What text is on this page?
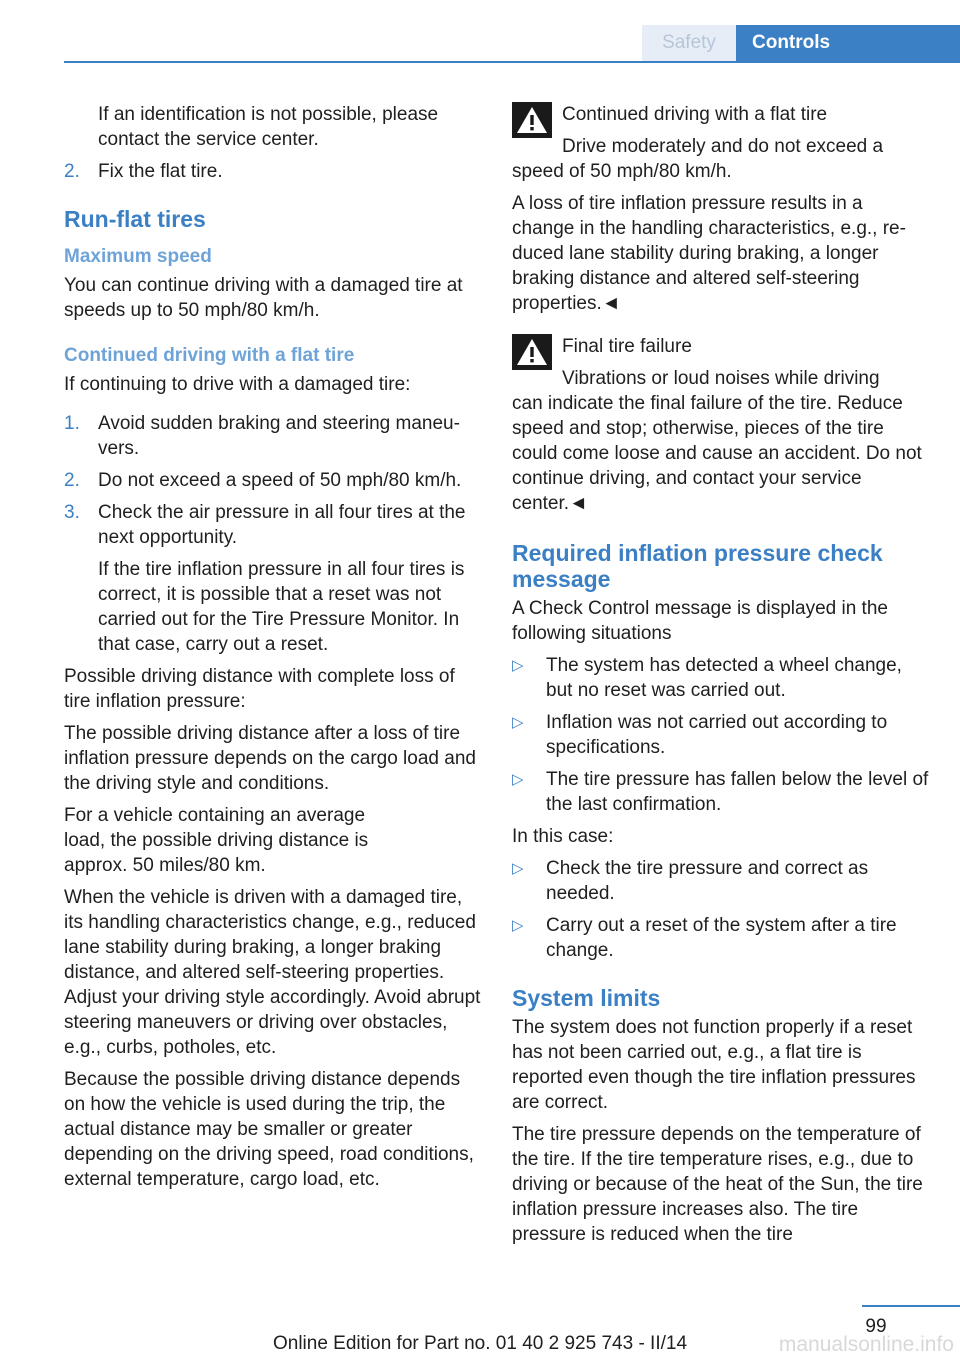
Safety Controls

If an identification is not possible, please contact the service center.

2. Fix the flat tire.
Run-flat tires
Maximum speed

You can continue driving with a damaged tire at speeds up to 50 mph/80 km/h.

Continued driving with a flat tire

If continuing to drive with a damaged tire:

1. Avoid sudden braking and steering maneuvers.
2. Do not exceed a speed of 50 mph/80 km/h.
3. Check the air pressure in all four tires at the next opportunity.
If the tire inflation pressure in all four tires is correct, it is possible that a reset was not carried out for the Tire Pressure Monitor. In that case, carry out a reset.

Possible driving distance with complete loss of tire inflation pressure:

The possible driving distance after a loss of tire inflation pressure depends on the cargo load and the driving style and conditions.

For a vehicle containing an average load, the possible driving distance is approx. 50 miles/80 km.

When the vehicle is driven with a damaged tire, its handling characteristics change, e.g., reduced lane stability during braking, a longer braking distance, and altered self-steering properties. Adjust your driving style accordingly. Avoid abrupt steering maneuvers or driving over obstacles, e.g., curbs, potholes, etc.

Because the possible driving distance depends on how the vehicle is used during the trip, the actual distance may be smaller or greater depending on the driving speed, road conditions, external temperature, cargo load, etc.

Continued driving with a flat tire
Drive moderately and do not exceed a
speed of 50 mph/80 km/h.

A loss of tire inflation pressure results in a change in the handling characteristics, e.g., reduced lane stability during braking, a longer braking distance and altered self-steering properties.◄

Final tire failure
Vibrations or loud noises while driving
can indicate the final failure of the tire. Reduce speed and stop; otherwise, pieces of the tire could come loose and cause an accident. Do not continue driving, and contact your service center.◄
Required inflation pressure check message

A Check Control message is displayed in the following situations

▷ The system has detected a wheel change, but no reset was carried out.
▷ Inflation was not carried out according to specifications.
▷ The tire pressure has fallen below the level of the last confirmation.

In this case:

▷ Check the tire pressure and correct as needed.
▷ Carry out a reset of the system after a tire change.
System limits

The system does not function properly if a reset has not been carried out, e.g., a flat tire is reported even though the tire inflation pressures are correct.

The tire pressure depends on the temperature of the tire. If the tire temperature rises, e.g., due to driving or because of the heat of the Sun, the tire inflation pressure increases also. The tire pressure is reduced when the tire

99
Online Edition for Part no. 01 40 2 925 743 - II/14	manualsonline.info
